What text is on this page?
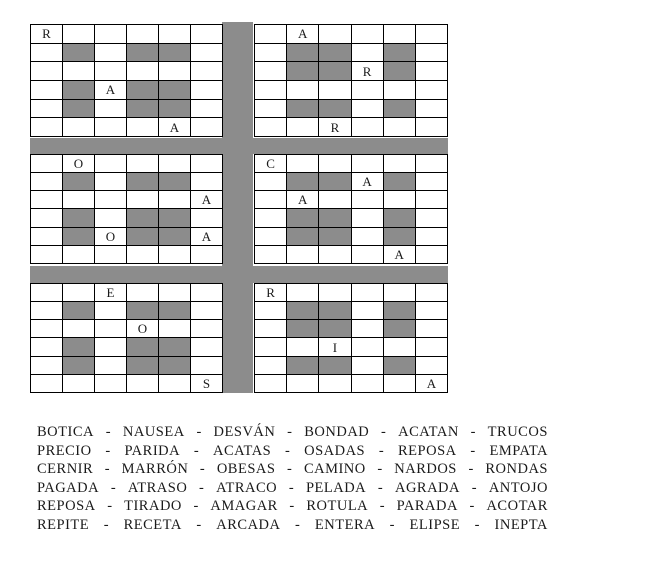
R
A
A
A
R
R
O
A
O	A
C
A
A
A
E
O
S
R
I
A
BOTICA - NAUSEA - DESVÁN - BONDAD - ACATAN - TRUCOS
PRECIO - PARIDA - ACATAS - OSADAS - REPOSA - EMPATA
CERNIR - MARRÓN - OBESAS - CAMINO - NARDOS - RONDAS
PAGADA - ATRASO - ATRACO - PELADA - AGRADA - ANTOJO
REPOSA - TIRADO - AMAGAR - ROTULA - PARADA - ACOTAR
REPITE - RECETA - ARCADA - ENTERA - ELIPSE - INEPTA
